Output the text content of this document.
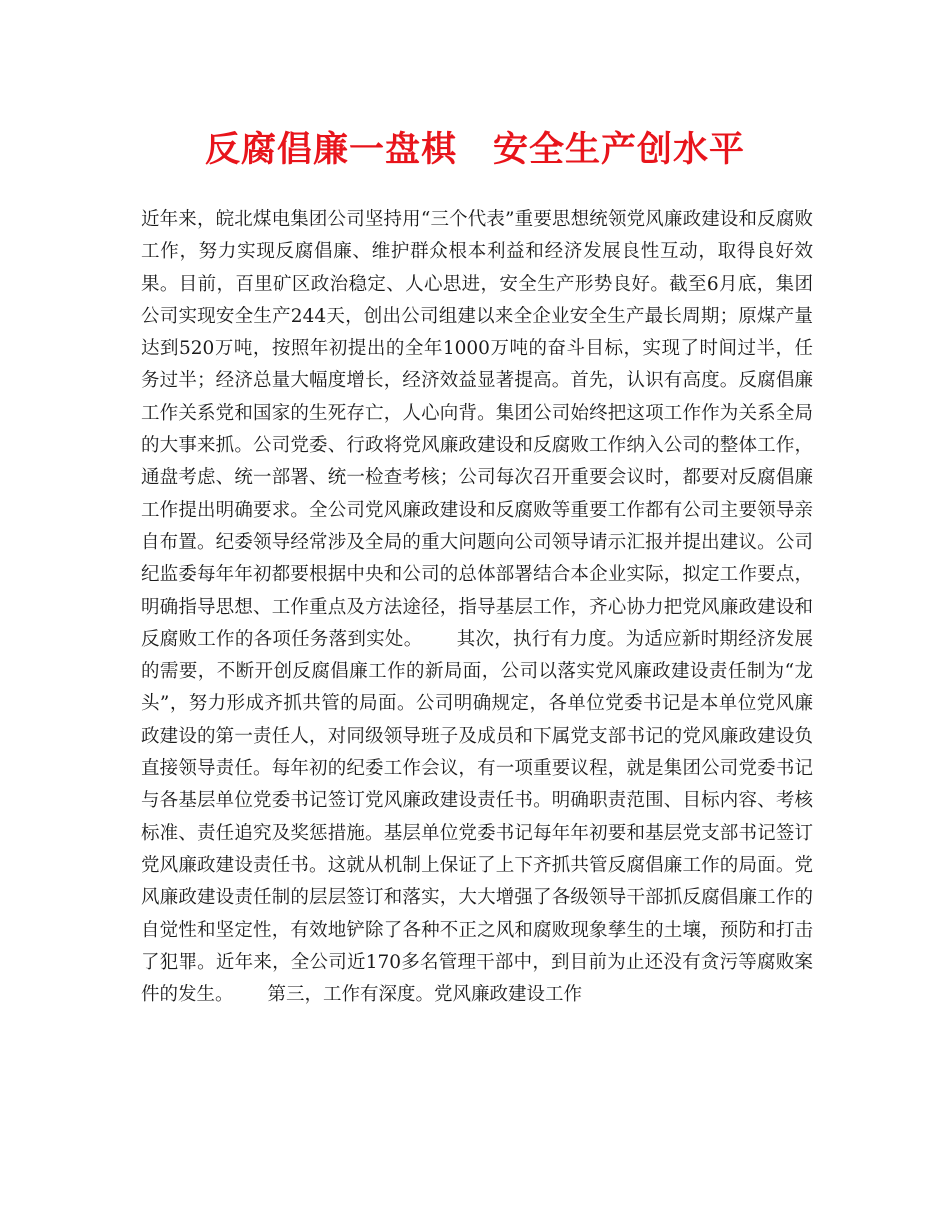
反腐倡廉一盘棋　安全生产创水平

近年来，皖北煤电集团公司坚持用“三个代表”重要思想统领党风廉政建设和反腐败工作，努力实现反腐倡廉、维护群众根本利益和经济发展良性互动，取得良好效果。目前，百里矿区政治稳定、人心思进，安全生产形势良好。截至6月底，集团公司实现安全生产244天，创出公司组建以来全企业安全生产最长周期；原煤产量达到520万吨，按照年初提出的全年1000万吨的奋斗目标，实现了时间过半，任务过半；经济总量大幅度增长，经济效益显著提高。首先，认识有高度。反腐倡廉工作关系党和国家的生死存亡，人心向背。集团公司始终把这项工作作为关系全局的大事来抓。公司党委、行政将党风廉政建设和反腐败工作纳入公司的整体工作，通盘考虑、统一部署、统一检查考核；公司每次召开重要会议时，都要对反腐倡廉工作提出明确要求。全公司党风廉政建设和反腐败等重要工作都有公司主要领导亲自布置。纪委领导经常涉及全局的重大问题向公司领导请示汇报并提出建议。公司纪监委每年年初都要根据中央和公司的总体部署结合本企业实际，拟定工作要点，明确指导思想、工作重点及方法途径，指导基层工作，齐心协力把党风廉政建设和反腐败工作的各项任务落到实处。 其次，执行有力度。为适应新时期经济发展的需要，不断开创反腐倡廉工作的新局面，公司以落实党风廉政建设责任制为“龙头”，努力形成齐抓共管的局面。公司明确规定，各单位党委书记是本单位党风廉政建设的第一责任人，对同级领导班子及成员和下属党支部书记的党风廉政建设负直接领导责任。每年初的纪委工作会议，有一项重要议程，就是集团公司党委书记与各基层单位党委书记签订党风廉政建设责任书。明确职责范围、目标内容、考核标准、责任追究及奖惩措施。基层单位党委书记每年年初要和基层党支部书记签订党风廉政建设责任书。这就从机制上保证了上下齐抓共管反腐倡廉工作的局面。党风廉政建设责任制的层层签订和落实，大大增强了各级领导干部抓反腐倡廉工作的自觉性和坚定性，有效地铲除了各种不正之风和腐败现象孳生的土壤，预防和打击了犯罪。近年来，全公司近170多名管理干部中，到目前为止还没有贪污等腐败案件的发生。 第三，工作有深度。党风廉政建设工作
